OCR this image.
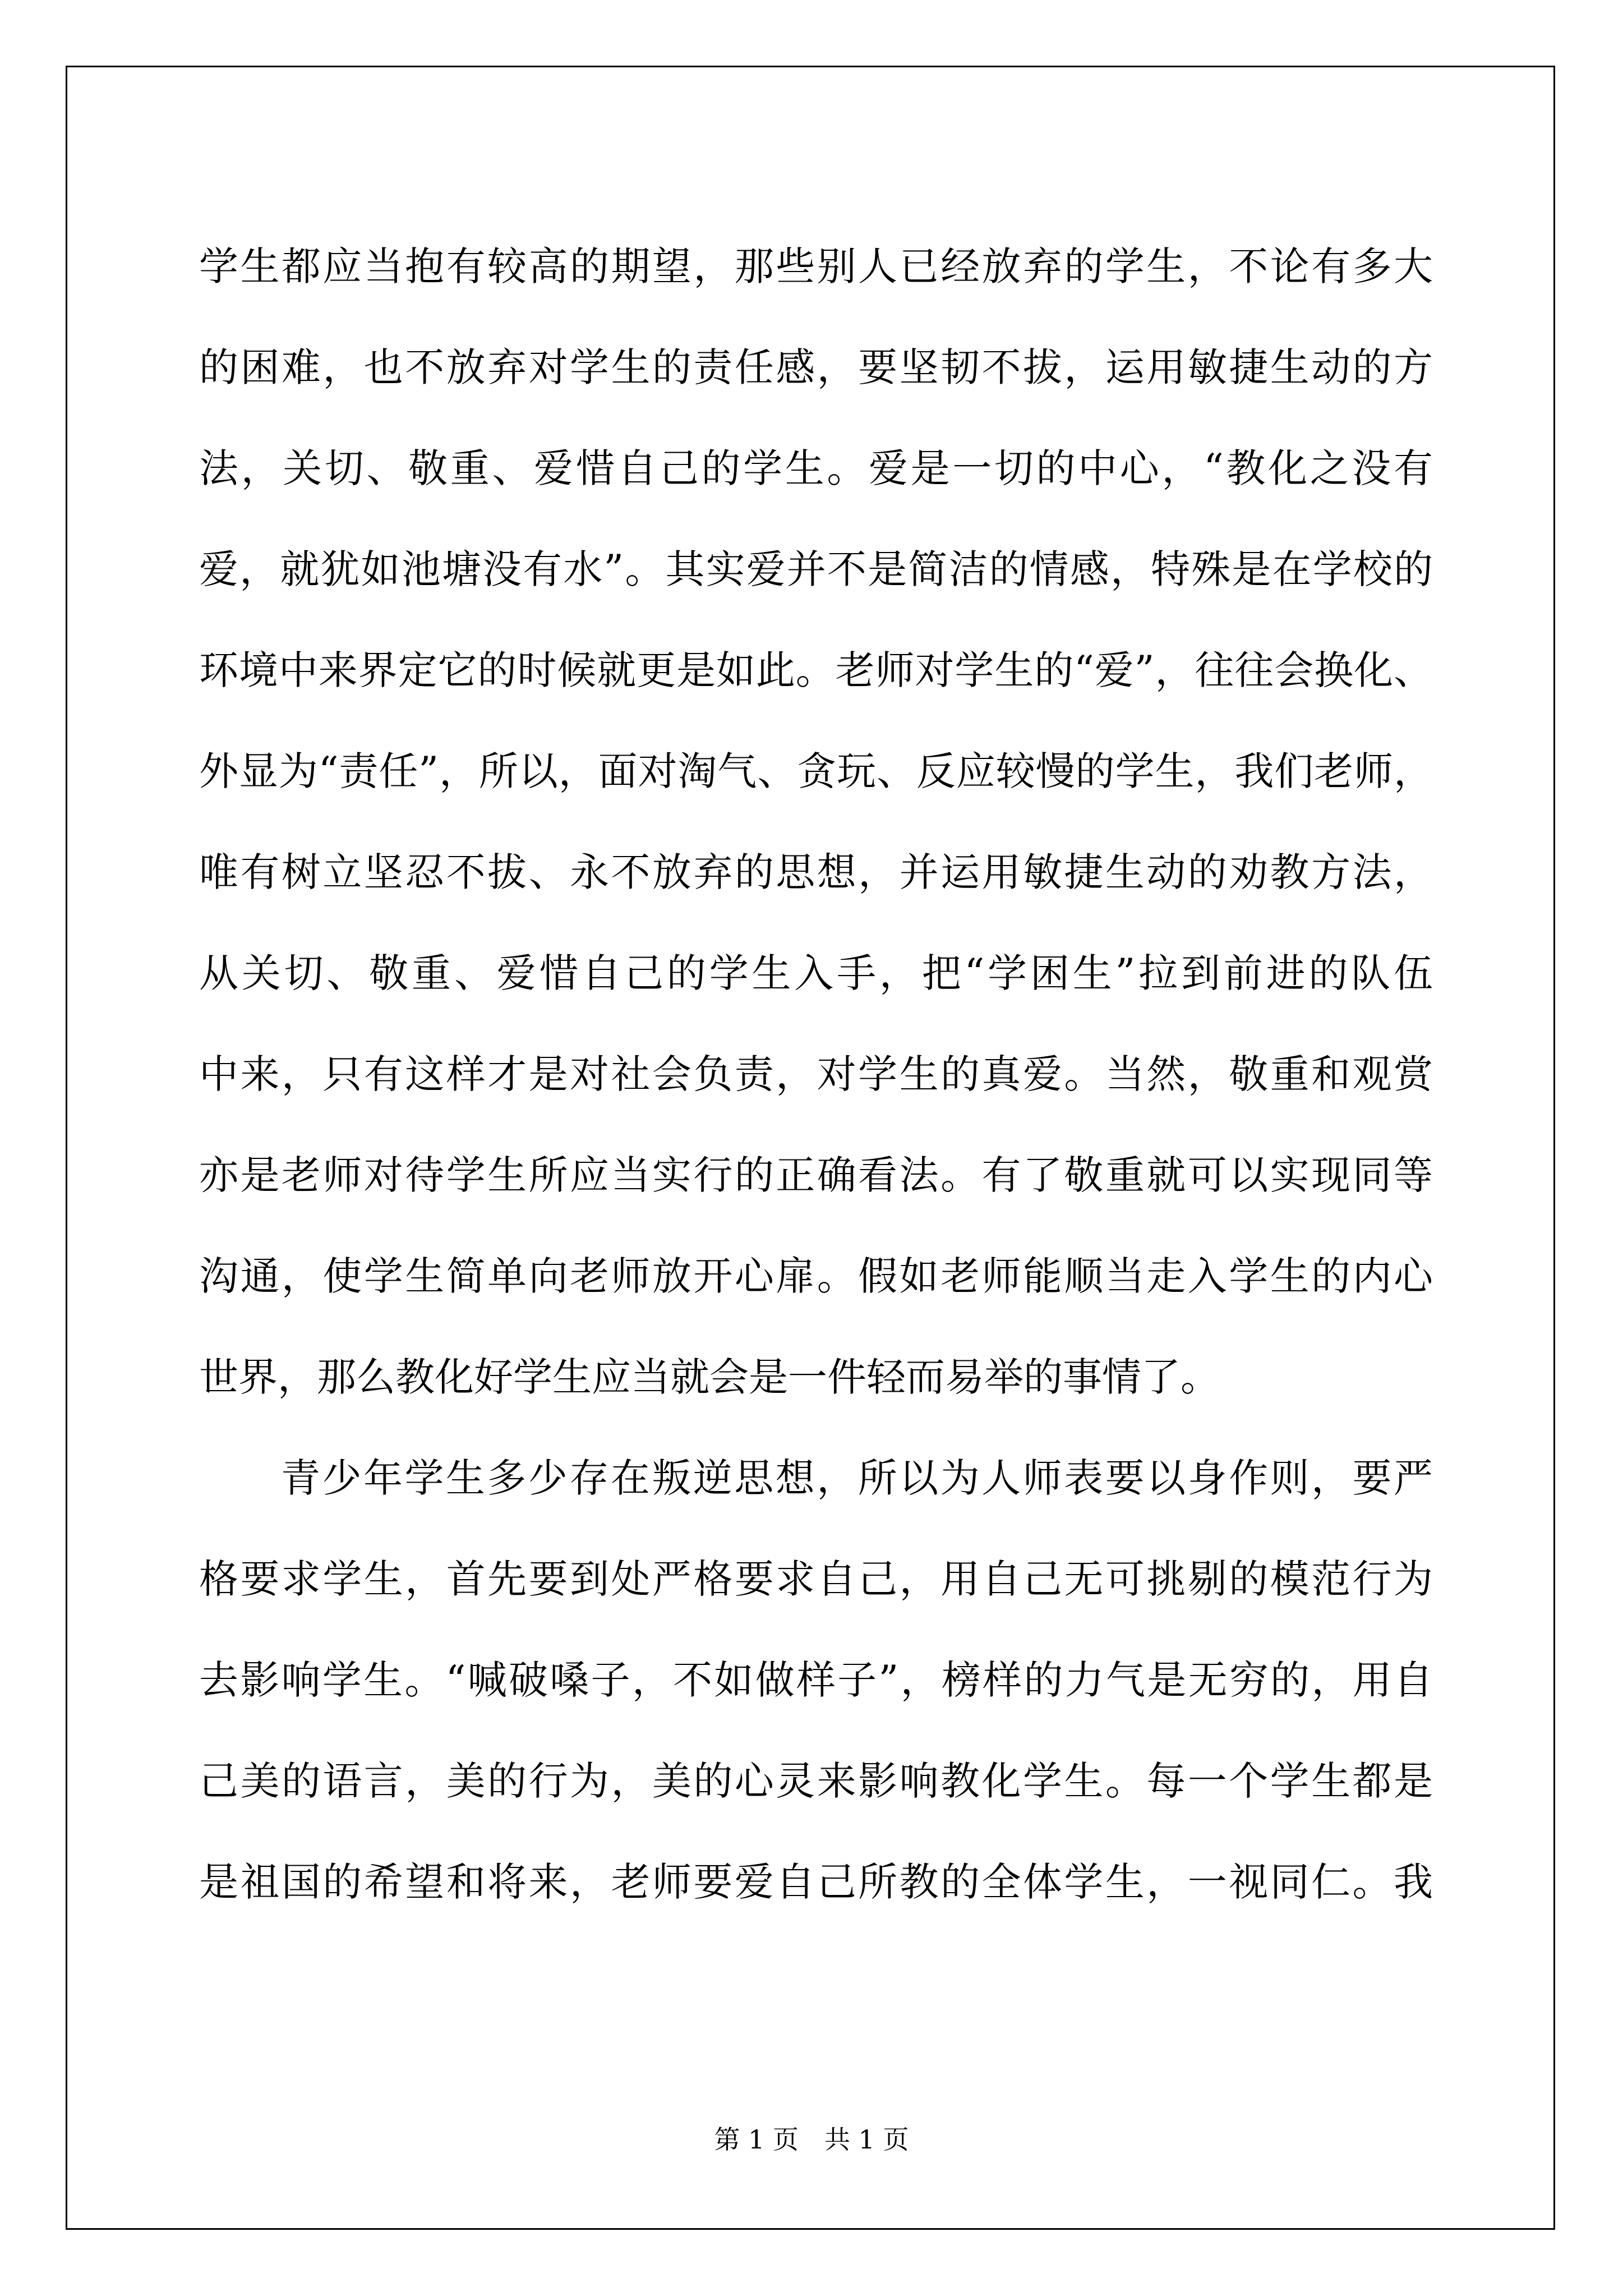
学生都应当抱有较高的期望，那些别人已经放弃的学生，不论有多大
的困难，也不放弃对学生的责任感，要坚韧不拔，运用敏捷生动的方
法，关切、敬重、爱惜自己的学生。爱是一切的中心，“教化之没有
爱，就犹如池塘没有水”。其实爱并不是简洁的情感，特殊是在学校的
环境中来界定它的时候就更是如此。老师对学生的“爱”，往往会换化、
外显为“责任”，所以，面对淘气、贪玩、反应较慢的学生，我们老师，
唯有树立坚忍不拔、永不放弃的思想，并运用敏捷生动的劝教方法，
从关切、敬重、爱惜自己的学生入手，把“学困生”拉到前进的队伍
中来，只有这样才是对社会负责，对学生的真爱。当然，敬重和观赏
亦是老师对待学生所应当实行的正确看法。有了敬重就可以实现同等
沟通，使学生简单向老师放开心扉。假如老师能顺当走入学生的内心
世界，那么教化好学生应当就会是一件轻而易举的事情了。
青少年学生多少存在叛逆思想，所以为人师表要以身作则，要严
格要求学生，首先要到处严格要求自己，用自己无可挑剔的模范行为
去影响学生。“喊破嗓子，不如做样子”，榜样的力气是无穷的，用自
己美的语言，美的行为，美的心灵来影响教化学生。每一个学生都是
是祖国的希望和将来，老师要爱自己所教的全体学生，一视同仁。我
第 1 页　共 1 页
